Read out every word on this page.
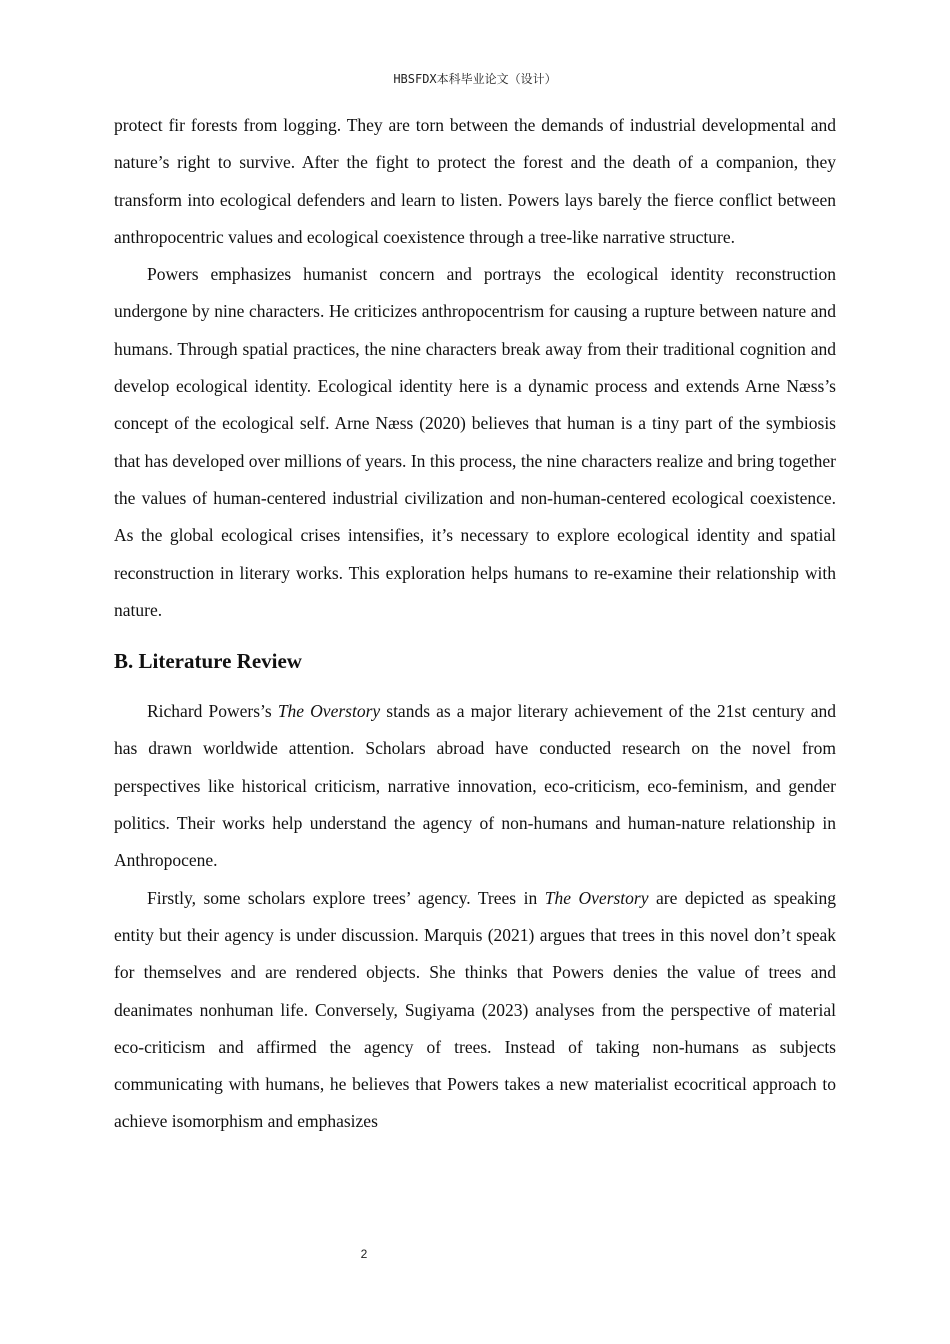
HBSFDX本科毕业论文（设计）

protect fir forests from logging. They are torn between the demands of industrial developmental and nature’s right to survive. After the fight to protect the forest and the death of a companion, they transform into ecological defenders and learn to listen. Powers lays barely the fierce conflict between anthropocentric values and ecological coexistence through a tree-like narrative structure.

Powers emphasizes humanist concern and portrays the ecological identity reconstruction undergone by nine characters. He criticizes anthropocentrism for causing a rupture between nature and humans. Through spatial practices, the nine characters break away from their traditional cognition and develop ecological identity. Ecological identity here is a dynamic process and extends Arne Næss’s concept of the ecological self. Arne Næss (2020) believes that human is a tiny part of the symbiosis that has developed over millions of years. In this process, the nine characters realize and bring together the values of human-centered industrial civilization and non-human-centered ecological coexistence. As the global ecological crises intensifies, it’s necessary to explore ecological identity and spatial reconstruction in literary works. This exploration helps humans to re-examine their relationship with nature.

B. Literature Review

Richard Powers’s The Overstory stands as a major literary achievement of the 21st century and has drawn worldwide attention. Scholars abroad have conducted research on the novel from perspectives like historical criticism, narrative innovation, eco-criticism, eco-feminism, and gender politics. Their works help understand the agency of non-humans and human-nature relationship in Anthropocene.

Firstly, some scholars explore trees’ agency. Trees in The Overstory are depicted as speaking entity but their agency is under discussion. Marquis (2021) argues that trees in this novel don’t speak for themselves and are rendered objects. She thinks that Powers denies the value of trees and deanimates nonhuman life. Conversely, Sugiyama (2023) analyses from the perspective of material eco-criticism and affirmed the agency of trees. Instead of taking non-humans as subjects communicating with humans, he believes that Powers takes a new materialist ecocritical approach to achieve isomorphism and emphasizes

2
